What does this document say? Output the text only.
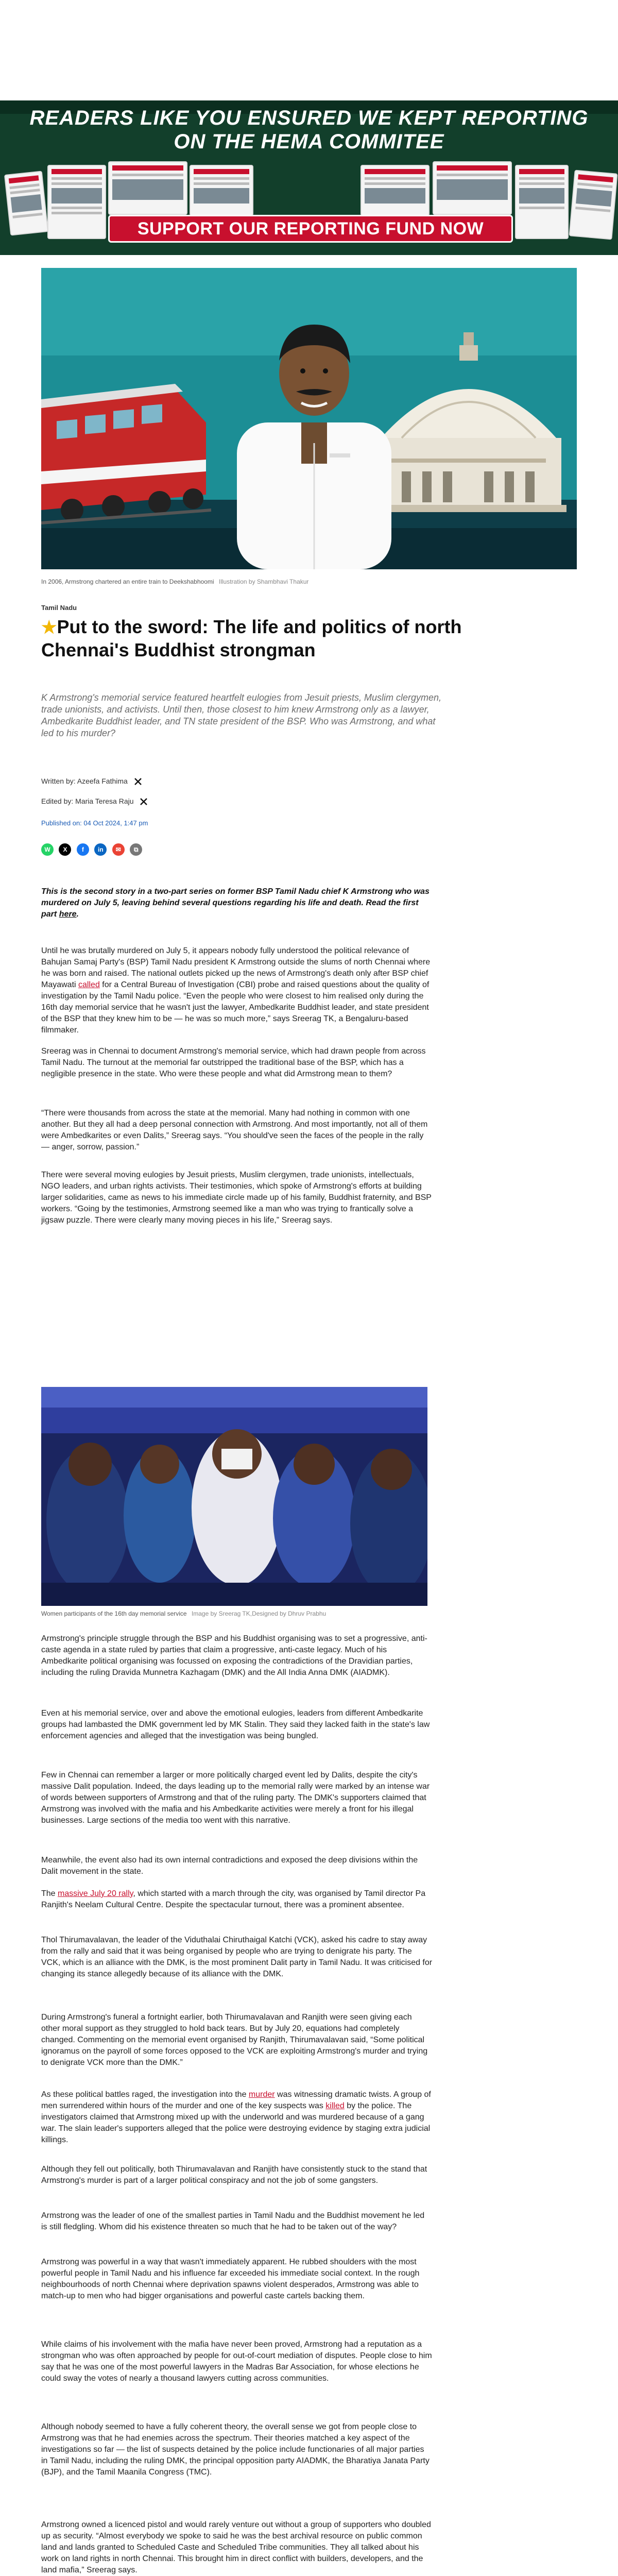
READERS LIKE YOU ENSURED WE KEPT REPORTING
ON THE HEMA COMMITEE
SUPPORT OUR REPORTING FUND NOW
In 2006, Armstrong chartered an entire train to Deekshabhoomi Illustration by Shambhavi Thakur
Tamil Nadu
★Put to the sword: The life and politics of north Chennai's Buddhist strongman

K Armstrong's memorial service featured heartfelt eulogies from Jesuit priests, Muslim clergymen, trade unionists, and activists. Until then, those closest to him knew Armstrong only as a lawyer, Ambedkarite Buddhist leader, and TN state president of the BSP. Who was Armstrong, and what led to his murder?

Written by: Azeefa Fathima
Edited by: Maria Teresa Raju
Published on: 04 Oct 2024, 1:47 pm
W X f in ✉ ⧉

This is the second story in a two-part series on former BSP Tamil Nadu chief K Armstrong who was murdered on July 5, leaving behind several questions regarding his life and death. Read the first part here.

Until he was brutally murdered on July 5, it appears nobody fully understood the political relevance of Bahujan Samaj Party's (BSP) Tamil Nadu president K Armstrong outside the slums of north Chennai where he was born and raised. The national outlets picked up the news of Armstrong's death only after BSP chief Mayawati called for a Central Bureau of Investigation (CBI) probe and raised questions about the quality of investigation by the Tamil Nadu police. “Even the people who were closest to him realised only during the 16th day memorial service that he wasn't just the lawyer, Ambedkarite Buddhist leader, and state president of the BSP that they knew him to be — he was so much more,” says Sreerag TK, a Bengaluru-based filmmaker.

Sreerag was in Chennai to document Armstrong's memorial service, which had drawn people from across Tamil Nadu. The turnout at the memorial far outstripped the traditional base of the BSP, which has a negligible presence in the state. Who were these people and what did Armstrong mean to them?

“There were thousands from across the state at the memorial. Many had nothing in common with one another. But they all had a deep personal connection with Armstrong. And most importantly, not all of them were Ambedkarites or even Dalits,” Sreerag says. “You should've seen the faces of the people in the rally — anger, sorrow, passion.”

There were several moving eulogies by Jesuit priests, Muslim clergymen, trade unionists, intellectuals, NGO leaders, and urban rights activists. Their testimonies, which spoke of Armstrong's efforts at building larger solidarities, came as news to his immediate circle made up of his family, Buddhist fraternity, and BSP workers. “Going by the testimonies, Armstrong seemed like a man who was trying to frantically solve a jigsaw puzzle. There were clearly many moving pieces in his life,” Sreerag says.

Women participants of the 16th day memorial service Image by Sreerag TK,Designed by Dhruv Prabhu

Armstrong's principle struggle through the BSP and his Buddhist organising was to set a progressive, anti-caste agenda in a state ruled by parties that claim a progressive, anti-caste legacy. Much of his Ambedkarite political organising was focussed on exposing the contradictions of the Dravidian parties, including the ruling Dravida Munnetra Kazhagam (DMK) and the All India Anna DMK (AIADMK).

Even at his memorial service, over and above the emotional eulogies, leaders from different Ambedkarite groups had lambasted the DMK government led by MK Stalin. They said they lacked faith in the state's law enforcement agencies and alleged that the investigation was being bungled.

Few in Chennai can remember a larger or more politically charged event led by Dalits, despite the city's massive Dalit population. Indeed, the days leading up to the memorial rally were marked by an intense war of words between supporters of Armstrong and that of the ruling party. The DMK's supporters claimed that Armstrong was involved with the mafia and his Ambedkarite activities were merely a front for his illegal businesses. Large sections of the media too went with this narrative.

Meanwhile, the event also had its own internal contradictions and exposed the deep divisions within the Dalit movement in the state.

The massive July 20 rally, which started with a march through the city, was organised by Tamil director Pa Ranjith's Neelam Cultural Centre. Despite the spectacular turnout, there was a prominent absentee.

Thol Thirumavalavan, the leader of the Viduthalai Chiruthaigal Katchi (VCK), asked his cadre to stay away from the rally and said that it was being organised by people who are trying to denigrate his party. The VCK, which is an alliance with the DMK, is the most prominent Dalit party in Tamil Nadu. It was criticised for changing its stance allegedly because of its alliance with the DMK.

During Armstrong's funeral a fortnight earlier, both Thirumavalavan and Ranjith were seen giving each other moral support as they struggled to hold back tears. But by July 20, equations had completely changed. Commenting on the memorial event organised by Ranjith, Thirumavalavan said, “Some political ignoramus on the payroll of some forces opposed to the VCK are exploiting Armstrong's murder and trying to denigrate VCK more than the DMK.”

As these political battles raged, the investigation into the murder was witnessing dramatic twists. A group of men surrendered within hours of the murder and one of the key suspects was killed by the police. The investigators claimed that Armstrong mixed up with the underworld and was murdered because of a gang war. The slain leader's supporters alleged that the police were destroying evidence by staging extra judicial killings.

Although they fell out politically, both Thirumavalavan and Ranjith have consistently stuck to the stand that Armstrong's murder is part of a larger political conspiracy and not the job of some gangsters.

Armstrong was the leader of one of the smallest parties in Tamil Nadu and the Buddhist movement he led is still fledgling. Whom did his existence threaten so much that he had to be taken out of the way?

Armstrong was powerful in a way that wasn't immediately apparent. He rubbed shoulders with the most powerful people in Tamil Nadu and his influence far exceeded his immediate social context. In the rough neighbourhoods of north Chennai where deprivation spawns violent desperados, Armstrong was able to match-up to men who had bigger organisations and powerful caste cartels backing them.

While claims of his involvement with the mafia have never been proved, Armstrong had a reputation as a strongman who was often approached by people for out-of-court mediation of disputes. People close to him say that he was one of the most powerful lawyers in the Madras Bar Association, for whose elections he could sway the votes of nearly a thousand lawyers cutting across communities.

Although nobody seemed to have a fully coherent theory, the overall sense we got from people close to Armstrong was that he had enemies across the spectrum. Their theories matched a key aspect of the investigations so far — the list of suspects detained by the police include functionaries of all major parties in Tamil Nadu, including the ruling DMK, the principal opposition party AIADMK, the Bharatiya Janata Party (BJP), and the Tamil Maanila Congress (TMC).

Armstrong owned a licenced pistol and would rarely venture out without a group of supporters who doubled up as security. “Almost everybody we spoke to said he was the best archival resource on public common land and lands granted to Scheduled Caste and Scheduled Tribe communities. They all talked about his work on land rights in north Chennai. This brought him in direct conflict with builders, developers, and the land mafia,” Sreerag says.
